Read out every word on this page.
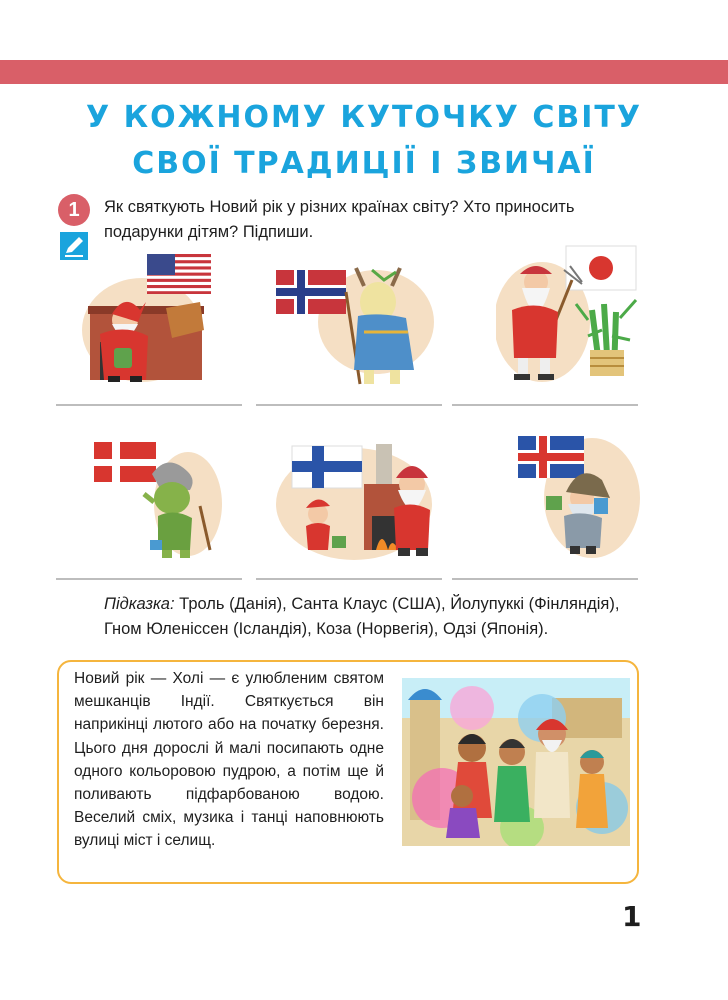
У КОЖНОМУ КУТОЧКУ СВІТУ
СВОЇ ТРАДИЦІЇ І ЗВИЧАЇ
1	Як святкують Новий рік у різних країнах світу? Хто приносить подарунки дітям? Підпиши.
Підказка: Троль (Данія), Санта Клаус (США), Йолупуккі (Фінляндія), Гном Юленіссен (Ісландія), Коза (Норвегія), Одзі (Японія).
Новий рік — Холі — є улюбленим святом мешканців Індії. Святкується він наприкінці лютого або на початку березня. Цього дня дорослі й малі посипають одне одного кольоровою пудрою, а потім ще й поливають підфарбованою водою. Веселий сміх, музика і танці наповнюють вулиці міст і селищ.
1
